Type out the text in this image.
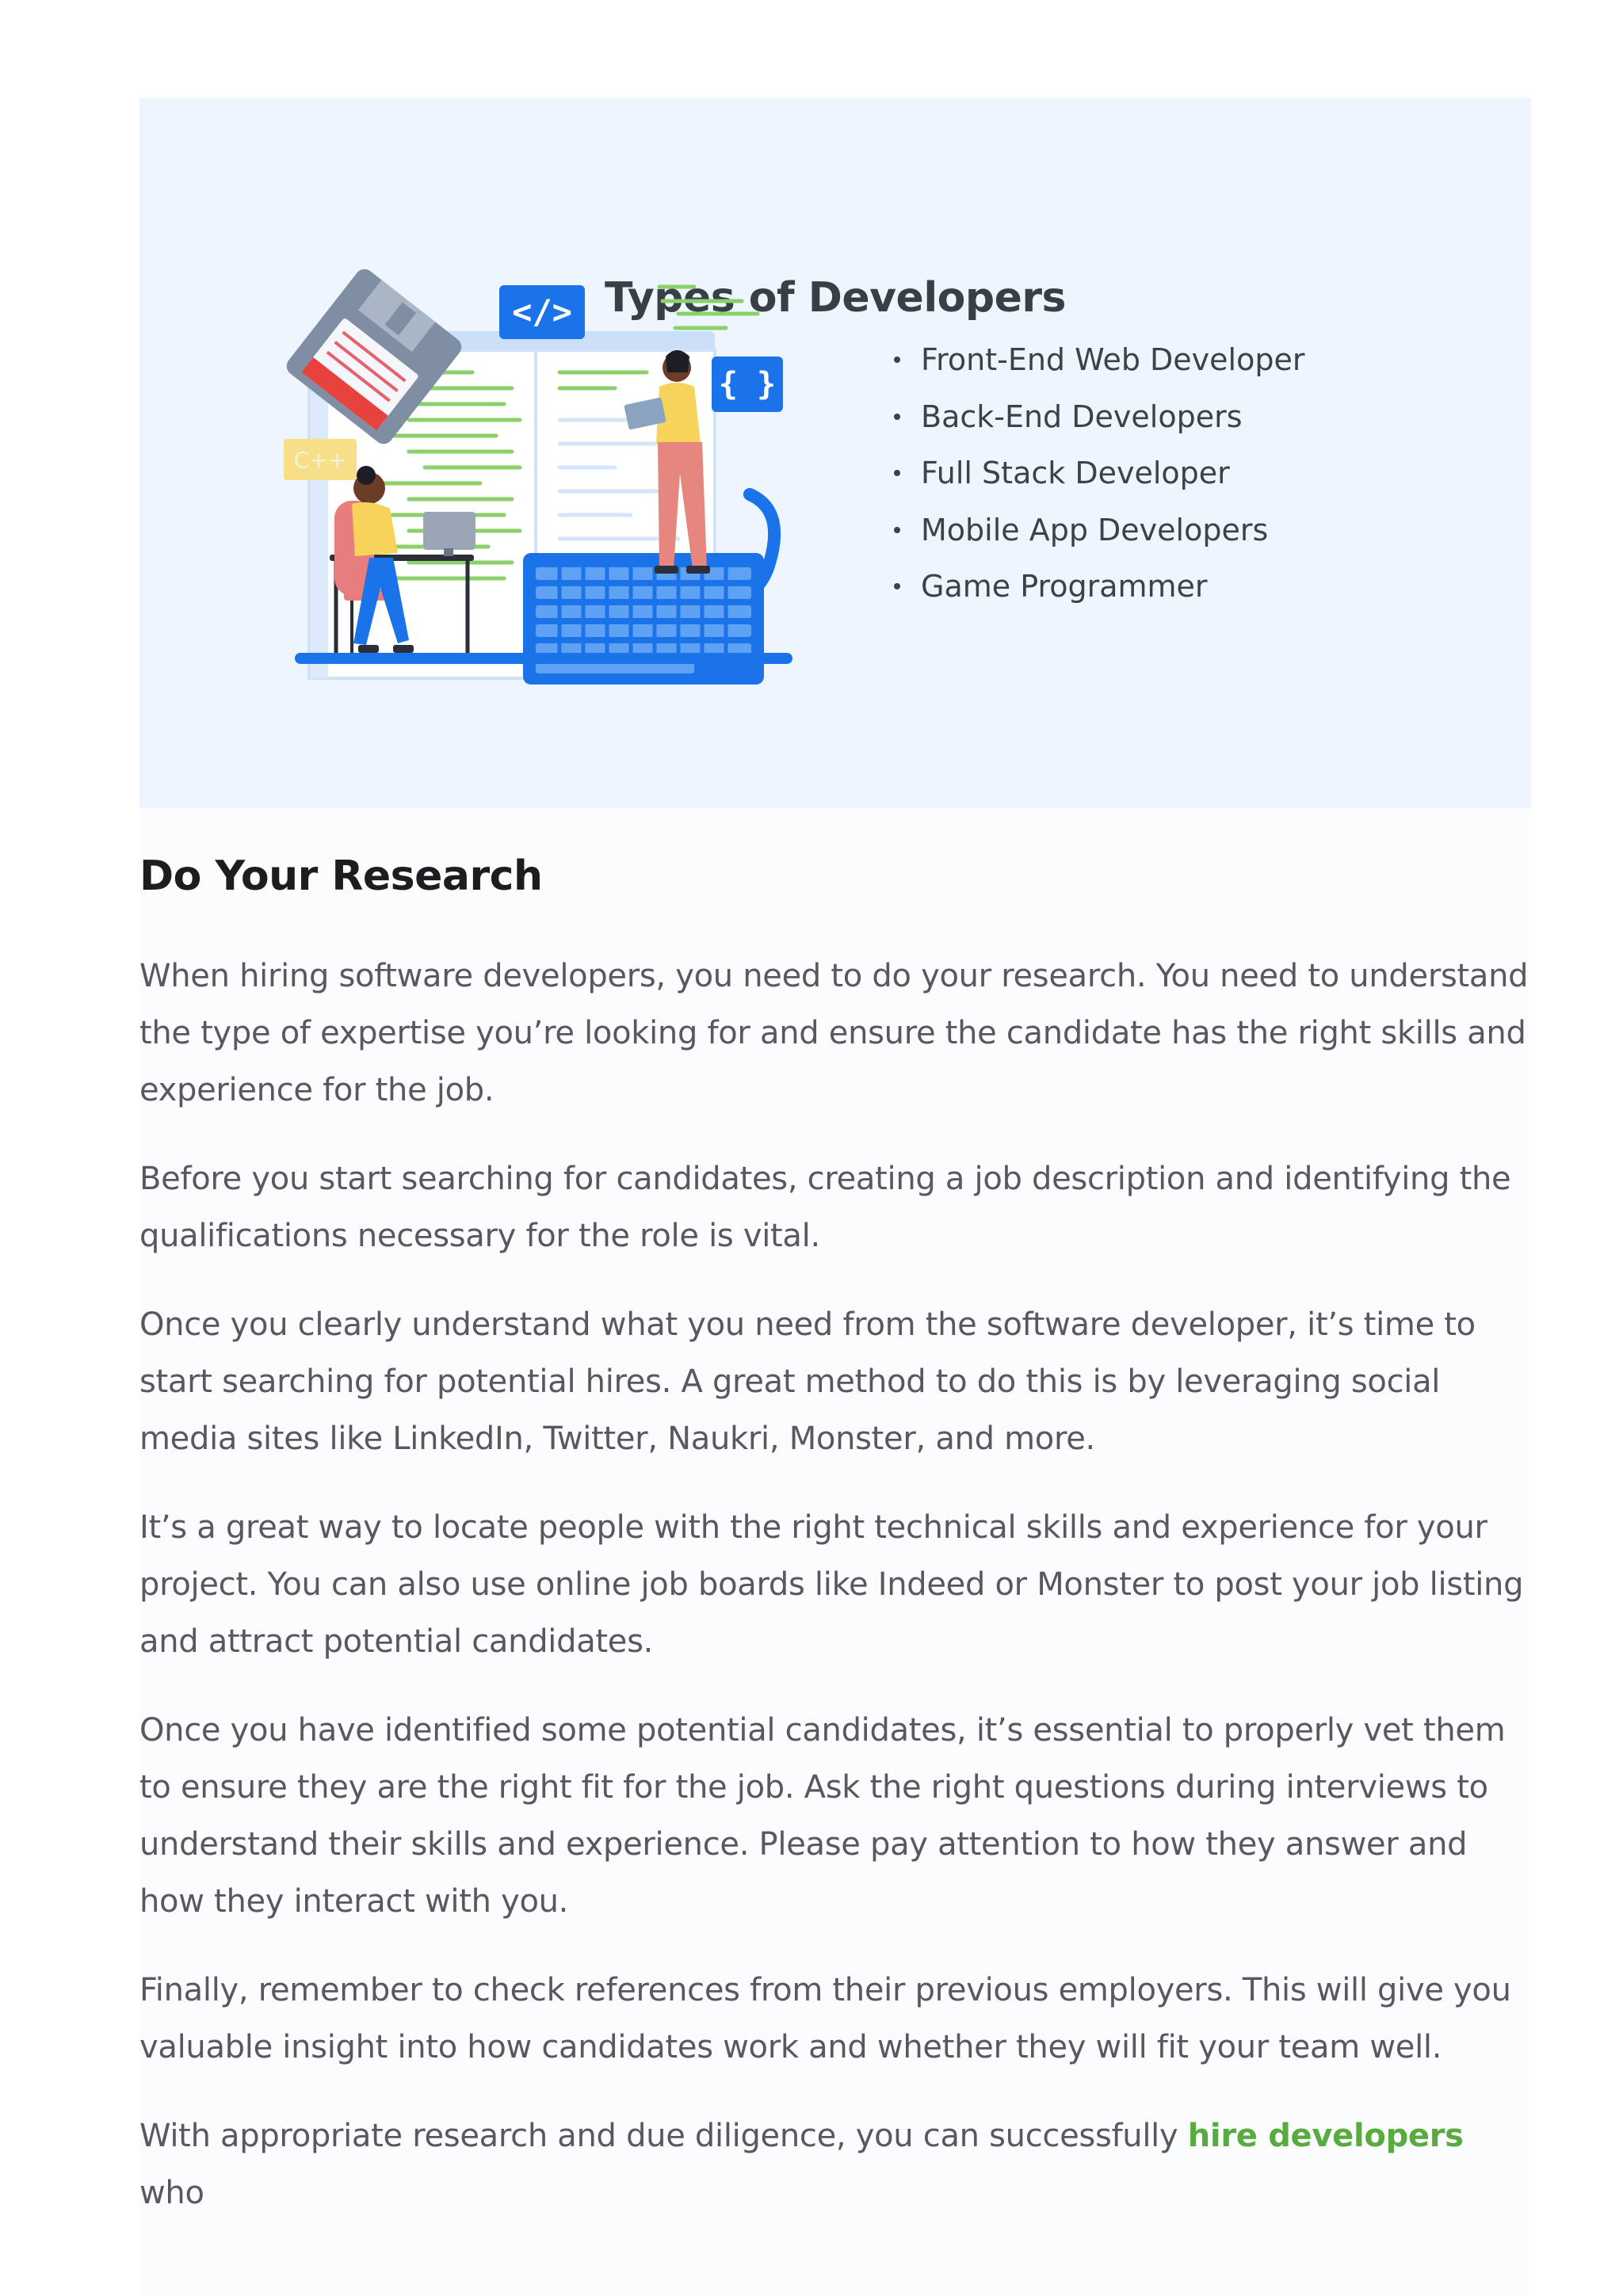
Types of Developers
</>
{ }
C++
Front-End Web Developer
Back-End Developers
Full Stack Developer
Mobile App Developers
Game Programmer
Do Your Research

When hiring software developers, you need to do your research. You need to understand the type of expertise you’re looking for and ensure the candidate has the right skills and experience for the job.

Before you start searching for candidates, creating a job description and identifying the qualifications necessary for the role is vital.

Once you clearly understand what you need from the software developer, it’s time to start searching for potential hires. A great method to do this is by leveraging social media sites like LinkedIn, Twitter, Naukri, Monster, and more.

It’s a great way to locate people with the right technical skills and experience for your project. You can also use online job boards like Indeed or Monster to post your job listing and attract potential candidates.

Once you have identified some potential candidates, it’s essential to properly vet them to ensure they are the right fit for the job. Ask the right questions during interviews to understand their skills and experience. Please pay attention to how they answer and how they interact with you.

Finally, remember to check references from their previous employers. This will give you valuable insight into how candidates work and whether they will fit your team well.

With appropriate research and due diligence, you can successfully hire developers who
